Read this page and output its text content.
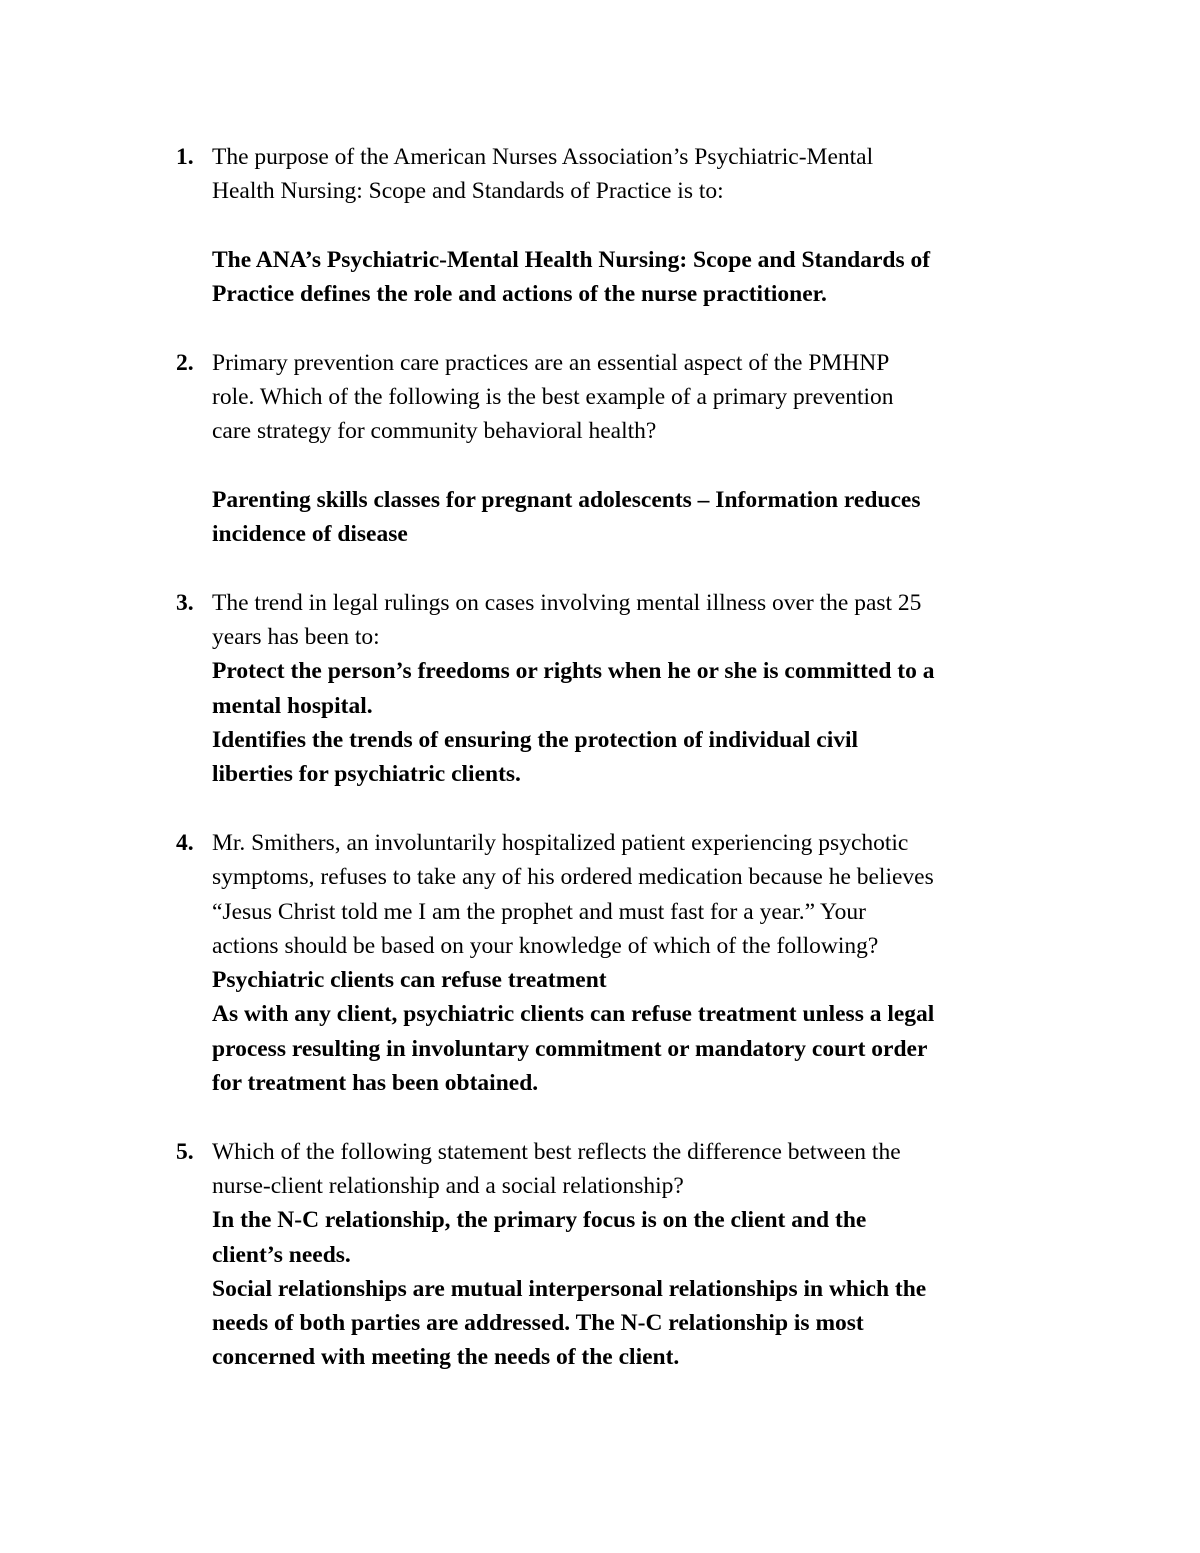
1. The purpose of the American Nurses Association’s Psychiatric-Mental
Health Nursing: Scope and Standards of Practice is to:
The ANA’s Psychiatric-Mental Health Nursing: Scope and Standards of
Practice defines the role and actions of the nurse practitioner.
2. Primary prevention care practices are an essential aspect of the PMHNP
role. Which of the following is the best example of a primary prevention
care strategy for community behavioral health?
Parenting skills classes for pregnant adolescents – Information reduces
incidence of disease
3. The trend in legal rulings on cases involving mental illness over the past 25
years has been to:
Protect the person’s freedoms or rights when he or she is committed to a
mental hospital.
Identifies the trends of ensuring the protection of individual civil
liberties for psychiatric clients.
4. Mr. Smithers, an involuntarily hospitalized patient experiencing psychotic
symptoms, refuses to take any of his ordered medication because he believes
“Jesus Christ told me I am the prophet and must fast for a year.” Your
actions should be based on your knowledge of which of the following?
Psychiatric clients can refuse treatment
As with any client, psychiatric clients can refuse treatment unless a legal
process resulting in involuntary commitment or mandatory court order
for treatment has been obtained.
5. Which of the following statement best reflects the difference between the
nurse-client relationship and a social relationship?
In the N-C relationship, the primary focus is on the client and the
client’s needs.
Social relationships are mutual interpersonal relationships in which the
needs of both parties are addressed. The N-C relationship is most
concerned with meeting the needs of the client.
